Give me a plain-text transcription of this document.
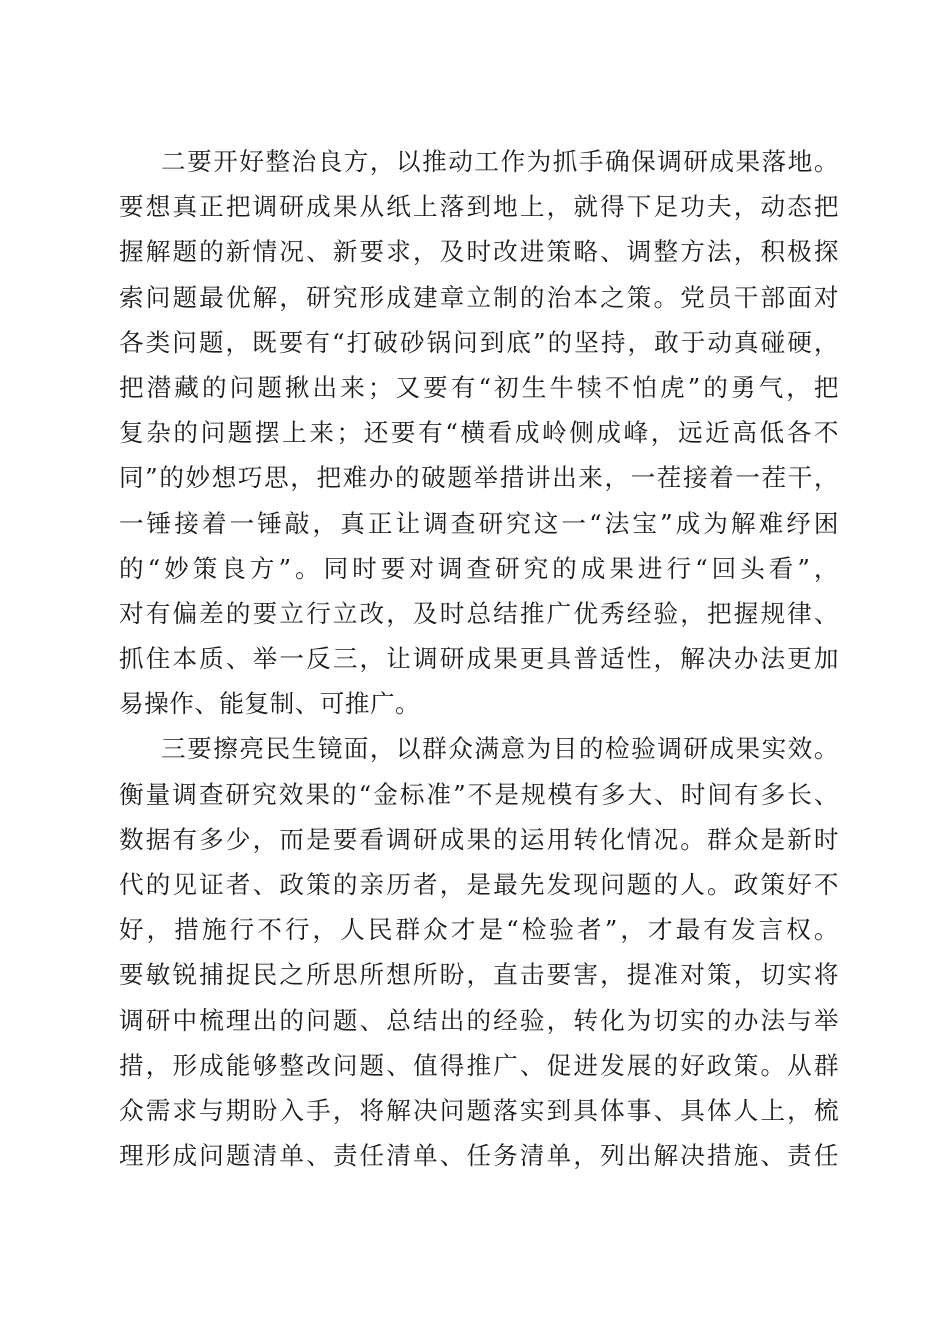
二要开好整治良方，以推动工作为抓手确保调研成果落地。
要想真正把调研成果从纸上落到地上，就得下足功夫，动态把
握解题的新情况、新要求，及时改进策略、调整方法，积极探
索问题最优解，研究形成建章立制的治本之策。党员干部面对
各类问题，既要有“打破砂锅问到底”的坚持，敢于动真碰硬，
把潜藏的问题揪出来；又要有“初生牛犊不怕虎”的勇气，把
复杂的问题摆上来；还要有“横看成岭侧成峰，远近高低各不
同”的妙想巧思，把难办的破题举措讲出来，一茬接着一茬干，
一锤接着一锤敲，真正让调查研究这一“法宝”成为解难纾困
的“妙策良方”。同时要对调查研究的成果进行“回头看”，
对有偏差的要立行立改，及时总结推广优秀经验，把握规律、
抓住本质、举一反三，让调研成果更具普适性，解决办法更加
易操作、能复制、可推广。
三要擦亮民生镜面，以群众满意为目的检验调研成果实效。
衡量调查研究效果的“金标准”不是规模有多大、时间有多长、
数据有多少，而是要看调研成果的运用转化情况。群众是新时
代的见证者、政策的亲历者，是最先发现问题的人。政策好不
好，措施行不行，人民群众才是“检验者”，才最有发言权。
要敏锐捕捉民之所思所想所盼，直击要害，提准对策，切实将
调研中梳理出的问题、总结出的经验，转化为切实的办法与举
措，形成能够整改问题、值得推广、促进发展的好政策。从群
众需求与期盼入手，将解决问题落实到具体事、具体人上，梳
理形成问题清单、责任清单、任务清单，列出解决措施、责任
